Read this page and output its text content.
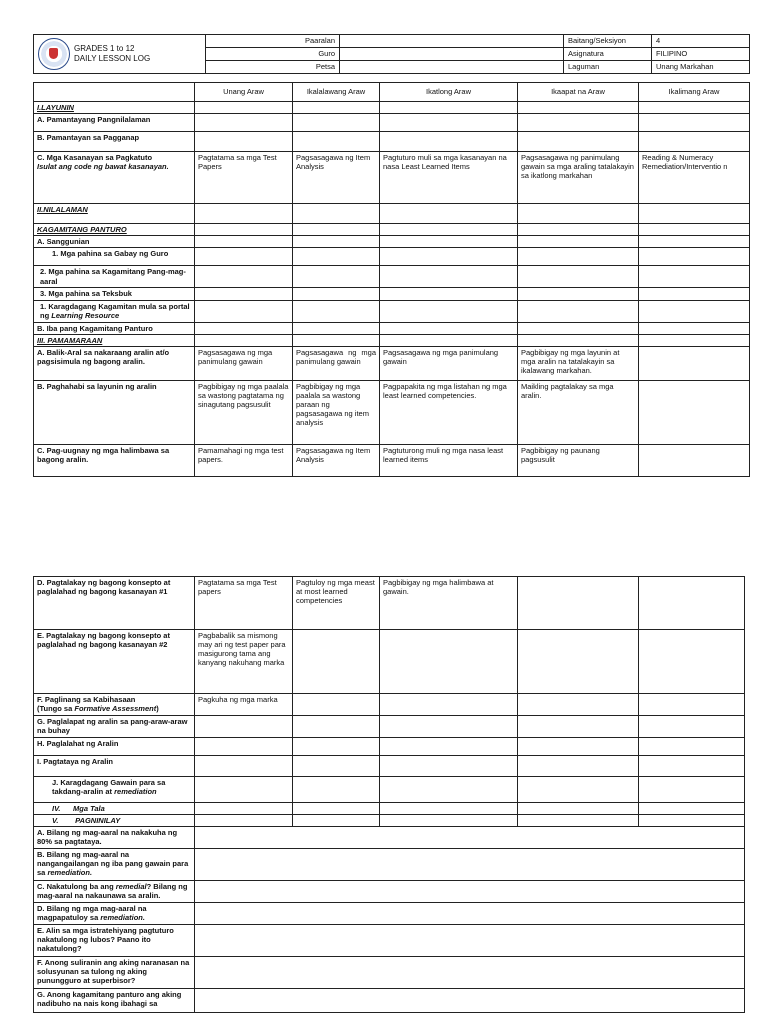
GRADES 1 to 12
DAILY LESSON LOG	Paaralan		Baitang/Seksiyon	4
	Guro		Asignatura	FILIPINO
	Petsa		Laguman	Unang Markahan
	Unang Araw	Ikalalawang Araw	Ikatlong Araw	Ikaapat na Araw	Ikalimang Araw
I.LAYUNIN					
A. Pamantayang Pangnilalaman					
B. Pamantayan sa Pagganap					

C. Mga Kasanayan sa Pagkatuto
Isulat ang code ng bawat kasanayan.	Pagtatama sa mga Test Papers	Pagsasagawa ng Item Analysis	Pagtuturo muli sa mga kasanayan na nasa Least Learned Items	Pagsasagawa ng panimulang gawain sa mga araling tatalakayin sa ikatlong markahan	Reading & Numeracy Remediation/Interventio n
II.NILALAMAN					
KAGAMITANG PANTURO					
A. Sanggunian					
1. Mga pahina sa Gabay ng Guro					
2. Mga pahina sa Kagamitang Pang-mag-aaral					
3. Mga pahina sa Teksbuk					
1. Karagdagang Kagamitan mula sa portal ng Learning Resource					
B. Iba pang Kagamitang Panturo					
III. PAMAMARAAN					
A. Balik-Aral sa nakaraang aralin at/o pagsisimula ng bagong aralin.	Pagsasagawa ng mga panimulang gawain	Pagsasagawa ng mga panimulang gawain	Pagsasagawa ng mga panimulang gawain	Pagbibigay ng mga layunin at mga aralin na tatalakayin sa ikalawang markahan.	
B. Paghahabi sa layunin ng aralin	Pagbibigay ng mga paalala sa wastong pagtatama ng sinagutang pagsusulit	Pagbibigay ng mga paalala sa wastong paraan ng pagsasagawa ng item analysis	Pagpapakita ng mga listahan ng mga least learned competencies.	Maikling pagtalakay sa mga aralin.	
C. Pag-uugnay ng mga halimbawa sa bagong aralin.	Pamamahagi ng mga test papers.	Pagsasagawa ng Item Analysis	Pagtuturong muli ng mga nasa least learned items	Pagbibigay ng paunang pagsusulit	
D. Pagtalakay ng bagong konsepto at paglalahad ng bagong kasanayan #1	Pagtatama sa mga Test papers	Pagtuloy ng mga meast at most learned competencies	Pagbibigay ng mga halimbawa at gawain.		
E. Pagtalakay ng bagong konsepto at paglalahad ng bagong kasanayan #2	Pagbabalik sa mismong may ari ng test paper para masigurong tama ang kanyang nakuhang marka				

F. Paglinang sa Kabihasaan
(Tungo sa Formative Assessment)	Pagkuha ng mga marka				
G. Paglalapat ng aralin sa pang-araw-araw na buhay					
H. Paglalahat ng Aralin					
I. Pagtataya ng Aralin					
J. Karagdagang Gawain para sa takdang-aralin at remediation					
IV. Mga Tala					
V. PAGNINILAY					
A. Bilang ng mag-aaral na nakakuha ng 80% sa pagtataya.					
B. Bilang ng mag-aaral na nangangailangan ng iba pang gawain para sa remediation.					
C. Nakatulong ba ang remedial? Bilang ng mag-aaral na nakaunawa sa aralin.					
D. Bilang ng mga mag-aaral na magpapatuloy sa remediation.					
E. Alin sa mga istratehiyang pagtuturo nakatulong ng lubos? Paano ito nakatulong?					
F. Anong suliranin ang aking naranasan na solusyunan sa tulong ng aking punungguro at superbisor?					
G. Anong kagamitang panturo ang aking nadibuho na nais kong ibahagi sa					
